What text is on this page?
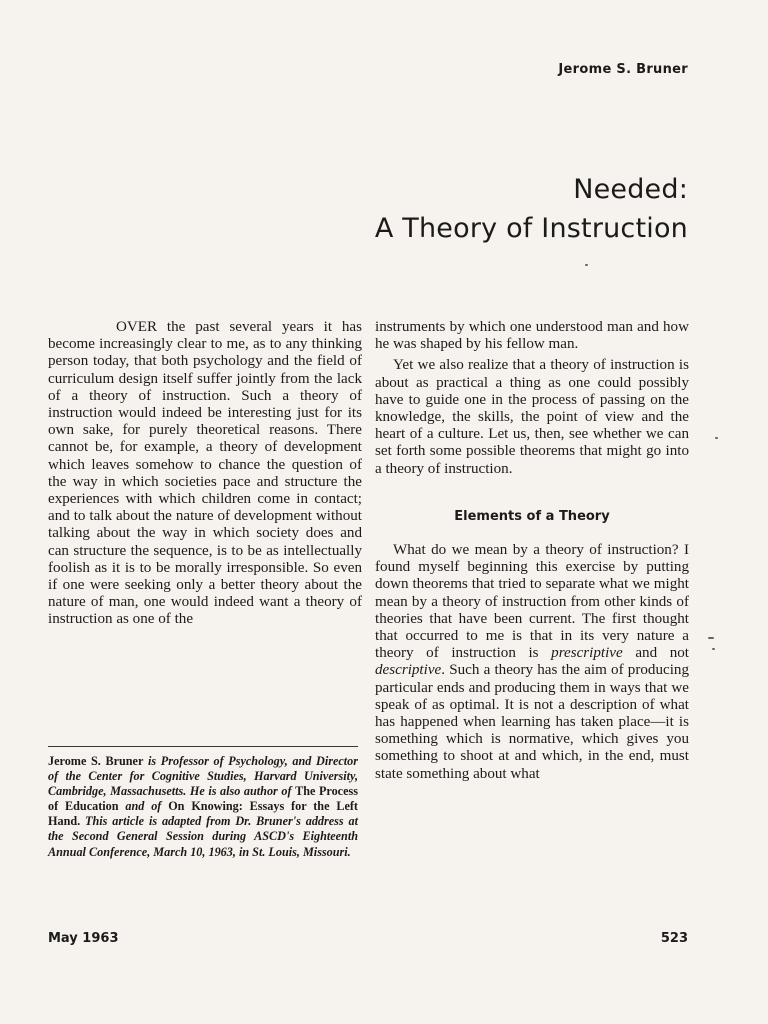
Jerome S. Bruner
Needed:
A Theory of Instruction

OVER the past several years it has become increasingly clear to me, as to any thinking person today, that both psychology and the field of curriculum design itself suffer jointly from the lack of a theory of instruction. Such a theory of instruction would indeed be interesting just for its own sake, for purely theoretical reasons. There cannot be, for example, a theory of development which leaves somehow to chance the question of the way in which societies pace and structure the experiences with which children come in contact; and to talk about the nature of development without talking about the way in which society does and can structure the sequence, is to be as intellectually foolish as it is to be morally irresponsible. So even if one were seeking only a better theory about the nature of man, one would indeed want a theory of instruction as one of the

instruments by which one understood man and how he was shaped by his fellow man.

Yet we also realize that a theory of instruction is about as practical a thing as one could possibly have to guide one in the process of passing on the knowledge, the skills, the point of view and the heart of a culture. Let us, then, see whether we can set forth some possible theorems that might go into a theory of instruction.

Elements of a Theory

What do we mean by a theory of instruction? I found myself beginning this exercise by putting down theorems that tried to separate what we might mean by a theory of instruction from other kinds of theories that have been current. The first thought that occurred to me is that in its very nature a theory of instruction is prescriptive and not descriptive. Such a theory has the aim of producing particular ends and producing them in ways that we speak of as optimal. It is not a description of what has happened when learning has taken place—it is something which is normative, which gives you something to shoot at and which, in the end, must state something about what

Jerome S. Bruner is Professor of Psychology, and Director of the Center for Cognitive Studies, Harvard University, Cambridge, Massachusetts. He is also author of The Process of Education and of On Knowing: Essays for the Left Hand. This article is adapted from Dr. Bruner's address at the Second General Session during ASCD's Eighteenth Annual Conference, March 10, 1963, in St. Louis, Missouri.
May 1963	523
